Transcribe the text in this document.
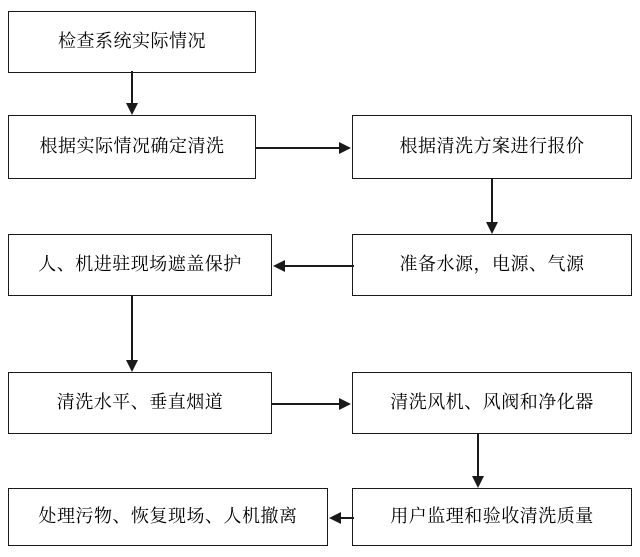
检查系统实际情况
根据实际情况确定清洗	根据清洗方案进行报价
准备水源，电源、气源
人、机进驻现场遮盖保护
清洗水平、垂直烟道	清洗风机、风阀和净化器
用户监理和验收清洗质量
处理污物、恢复现场、人机撤离
